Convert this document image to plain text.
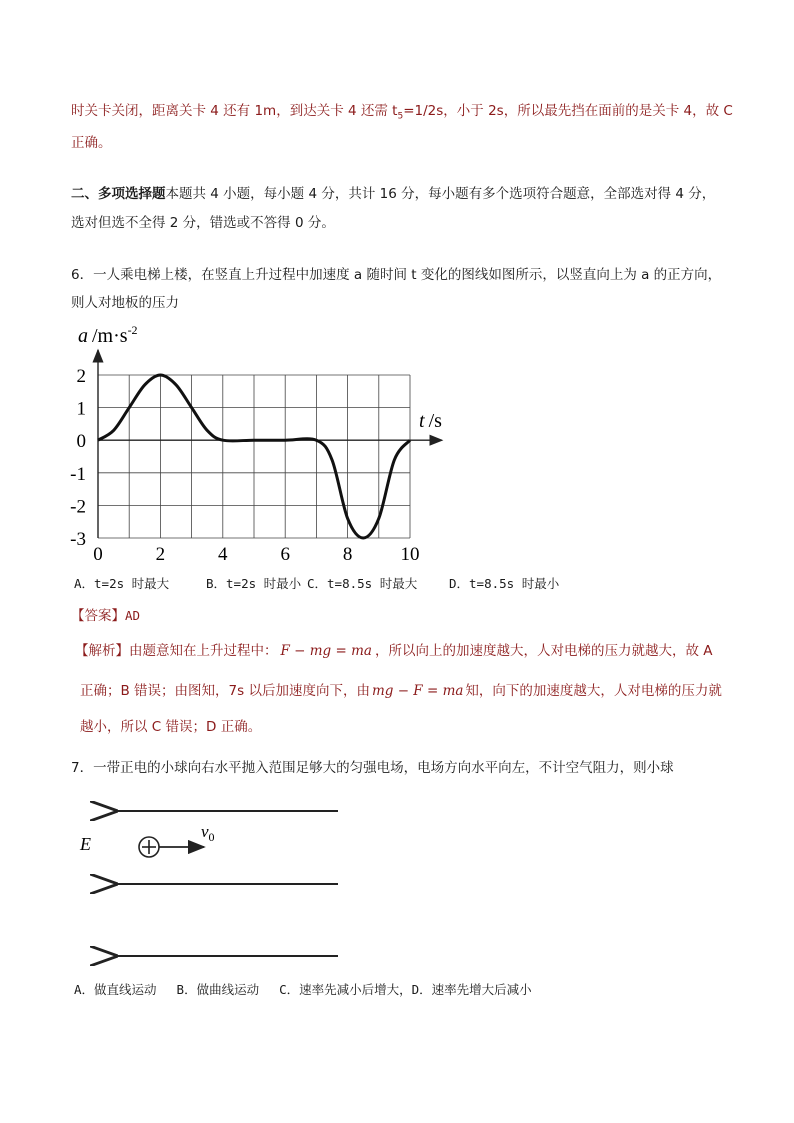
时关卡关闭，距离关卡 4 还有 1m，到达关卡 4 还需 $t_5=1/2s$，小于 2s，所以最先挡在面前的是关卡 4，故 C
正确。
二、多项选择题本题共 4 小题，每小题 4 分，共计 16 分，每小题有多个选项符合题意，全部选对得 4 分，
选对但选不全得 2 分，错选或不答得 0 分。
6．一人乘电梯上楼，在竖直上升过程中加速度 a 随时间 t 变化的图线如图所示，以竖直向上为 a 的正方向，
则人对地板的压力
0	2	4	6	8	10
2
1
0
-1
-2
-3
a $/m\cdot s^{-2}$
t /s
A．t=2s 时最大	B．t=2s 时最小 C．t=8.5s 时最大	D．t=8.5s 时最小
【答案】AD
【解析】由题意知在上升过程中： F − mg = ma ，所以向上的加速度越大，人对电梯的压力就越大，故 A
正确；B 错误；由图知，7s 以后加速度向下，由 mg − F = ma 知，向下的加速度越大，人对电梯的压力就
越小，所以 C 错误；D 正确。
7．一带正电的小球向右水平抛入范围足够大的匀强电场，电场方向水平向左，不计空气阻力，则小球
E
$v_0$
A．做直线运动　 B．做曲线运动　 C．速率先减小后增大，D．速率先增大后减小
